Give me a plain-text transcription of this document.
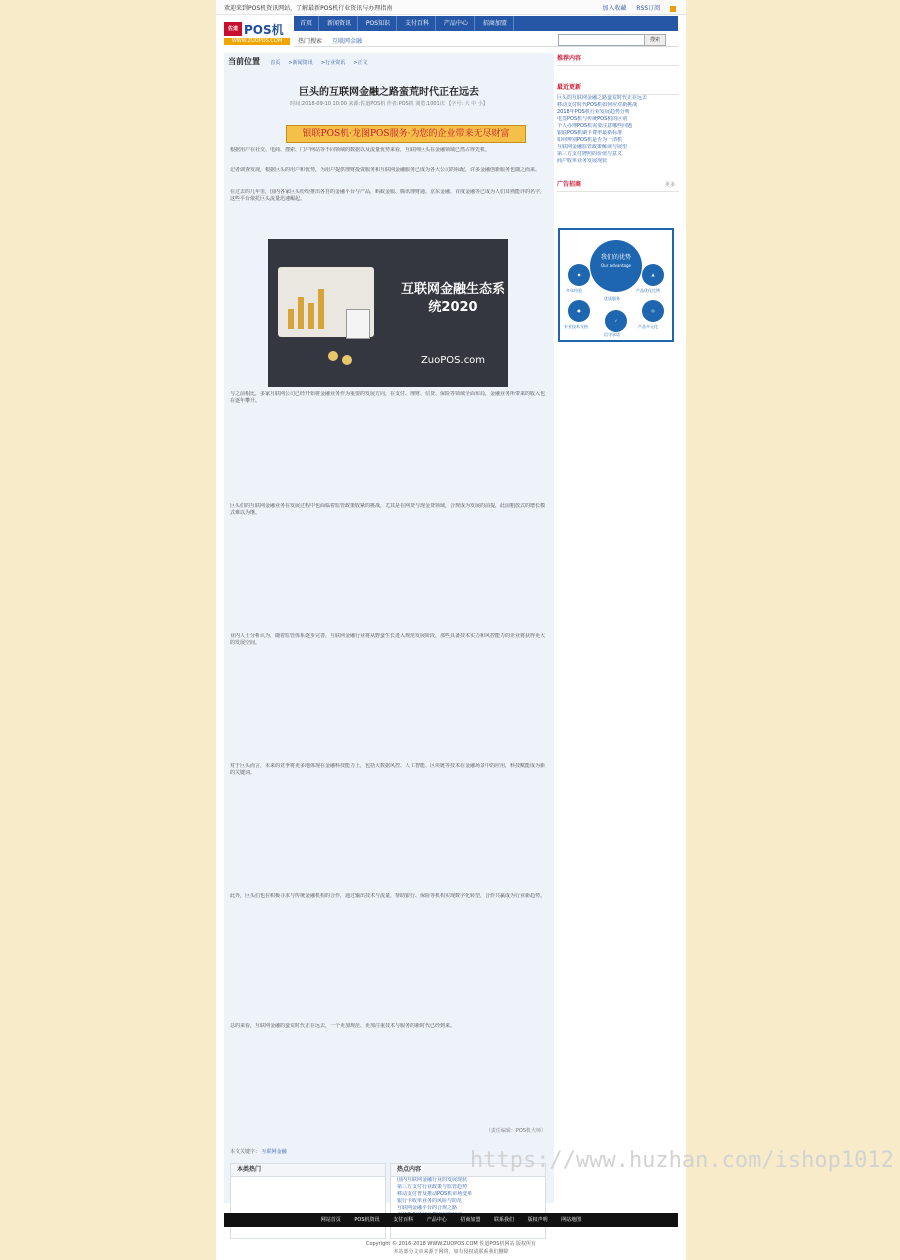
欢迎来到POS机资讯网站，了解最新POS机行业资讯与办理指南	加入收藏 RSS订阅
佐道 POS机
WWW.ZUOPOS.COM
首页 新闻资讯 POS知识 支付百科 产品中心 招商加盟
热门搜索 互联网金融	搜索
当前位置 首页 >新闻资讯 >行业资讯 >正文
巨头的互联网金融之路蛮荒时代正在远去
时间:2018-09-10 10:00 来源:佐道POS机 作者:POS机 浏览:1001次 【字号: 大 中 小】
银联POS机·龙图POS服务·为您的企业带来无尽财富
根据用户在社交、电商、搜索、门户网站等不同领域的数据以及流量优势来看，互联网巨头在金融领域已然占得先机。
记者调查发现，根据巨头的用户和优势，为用户提供理财投资服务和互联网金融服务已成为各大公司的标配，许多金融创新服务也随之而来。
在过去的几年里，国内各家巨头纷纷推出各自的金融平台与产品，蚂蚁金服、腾讯理财通、京东金融、百度金融等已成为人们耳熟能详的名字，这些平台依托巨头流量迅速崛起。
互联网金融生态系统2020
ZuoPOS.com
与之前相比，多家互联网公司已经开始将金融业务作为重要的发展方向，在支付、理财、信贷、保险等领域全面布局，金融业务所带来的收入也在逐年攀升。
巨头们的互联网金融业务在发展过程中也面临着监管政策收紧的挑战，尤其是在网贷与现金贷领域，合规成为发展的前提，此前粗放式的增长模式难以为继。
业内人士分析认为，随着监管体系逐步完善，互联网金融行业将从野蛮生长进入规范发展阶段，那些具备技术实力和风控能力的企业将获得更大的发展空间。
对于巨头而言，未来的竞争将更多地体现在金融科技能力上，包括大数据风控、人工智能、区块链等技术在金融场景中的应用，科技赋能成为新的关键词。
此外，巨头们也在积极寻求与传统金融机构的合作，通过输出技术与流量，帮助银行、保险等机构实现数字化转型，合作共赢成为行业新趋势。
总的来看，互联网金融的蛮荒时代正在远去，一个更加规范、更加注重技术与服务的新时代已经到来。
（责任编辑：POS机大师）
本文关键字： 互联网金融
本类热门	热点内容
国内互联网金融行业的发展现状
第三方支付行业政策与监管趋势
移动支付普及推动POS机市场变革
银行卡收单业务的风险与防范
互联网金融平台的合规之路
推荐内容
最近更新
巨头的互联网金融之路蛮荒时代正在远去
移动支付时代POS机如何应对新挑战
2018年POS机行业发展趋势分析
电签POS机与传统POS机的区别
个人办理POS机需要注意哪些问题
银联POS机刷卡费率最新标准
如何辨别POS机是否为一清机
互联网金融监管政策解读与展望
第三方支付牌照的价值与意义
商户收单业务发展现状
广告招商	更多
我们的优势
Our advantage
◆	▲
●	◎
✓
产品优化比例
产品多元化
优质服务
专业技术支持
多年经验
信守承诺
网站首页	POS机资讯	支付百科	产品中心	招商加盟	联系我们	版权声明	网站地图
Copyright © 2016-2018 WWW.ZUOPOS.COM 佐道POS机网站 版权所有
本站部分文章来源于网络，如有侵权请联系我们删除
https://www.huzhan.com/ishop1012
